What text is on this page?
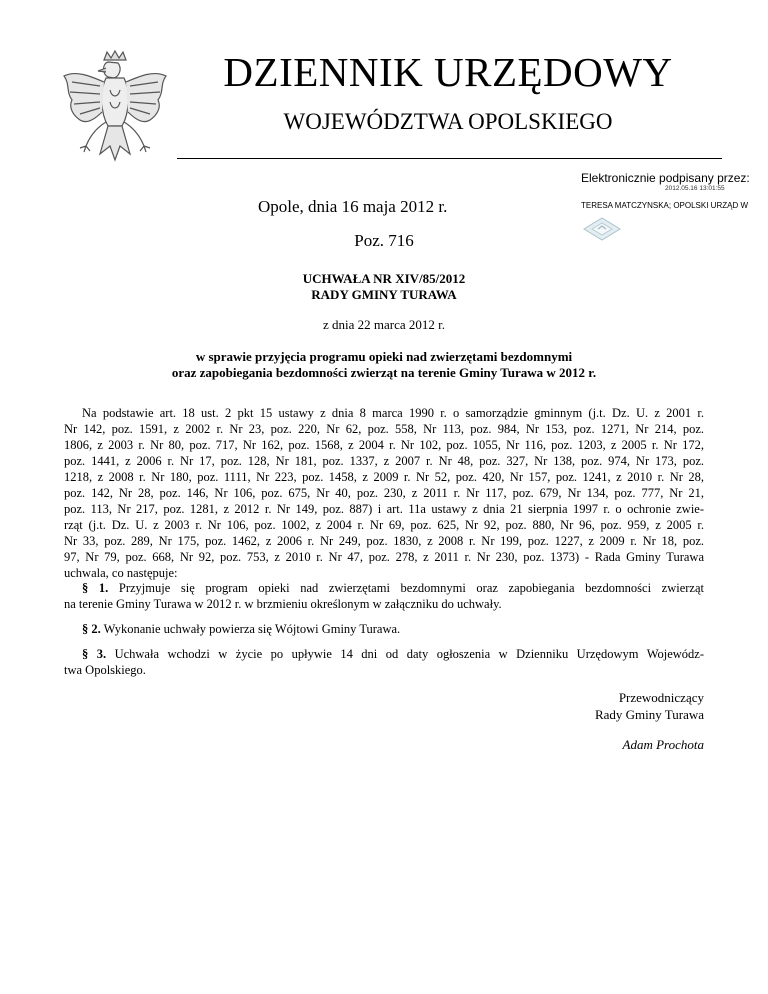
DZIENNIK URZĘDOWY
WOJEWÓDZTWA OPOLSKIEGO
Elektronicznie podpisany przez:
2012.05.16 13:01:55
TERESA MATCZYŃSKA; OPOLSKI URZĄD W
Opole, dnia 16 maja 2012 r.
Poz. 716
UCHWAŁA NR XIV/85/2012
RADY GMINY TURAWA
z dnia 22 marca 2012 r.
w sprawie przyjęcia programu opieki nad zwierzętami bezdomnymi
oraz zapobiegania bezdomności zwierząt na terenie Gminy Turawa w 2012 r.
Na podstawie art. 18 ust. 2 pkt 15 ustawy z dnia 8 marca 1990 r. o samorządzie gminnym (j.t. Dz. U. z 2001 r.
Nr 142, poz. 1591, z 2002 r. Nr 23, poz. 220, Nr 62, poz. 558, Nr 113, poz. 984, Nr 153, poz. 1271, Nr 214, poz.
1806, z 2003 r. Nr 80, poz. 717, Nr 162, poz. 1568, z 2004 r. Nr 102, poz. 1055, Nr 116, poz. 1203, z 2005 r. Nr 172,
poz. 1441, z 2006 r. Nr 17, poz. 128, Nr 181, poz. 1337, z 2007 r. Nr 48, poz. 327, Nr 138, poz. 974, Nr 173, poz.
1218, z 2008 r. Nr 180, poz. 1111, Nr 223, poz. 1458, z 2009 r. Nr 52, poz. 420, Nr 157, poz. 1241, z 2010 r. Nr 28,
poz. 142, Nr 28, poz. 146, Nr 106, poz. 675, Nr 40, poz. 230, z 2011 r. Nr 117, poz. 679, Nr 134, poz. 777, Nr 21,
poz. 113, Nr 217, poz. 1281, z 2012 r. Nr 149, poz. 887) i art. 11a ustawy z dnia 21 sierpnia 1997 r. o ochronie zwie-
rząt (j.t. Dz. U. z 2003 r. Nr 106, poz. 1002, z 2004 r. Nr 69, poz. 625, Nr 92, poz. 880, Nr 96, poz. 959, z 2005 r.
Nr 33, poz. 289, Nr 175, poz. 1462, z 2006 r. Nr 249, poz. 1830, z 2008 r. Nr 199, poz. 1227, z 2009 r. Nr 18, poz.
97, Nr 79, poz. 668, Nr 92, poz. 753, z 2010 r. Nr 47, poz. 278, z 2011 r. Nr 230, poz. 1373) - Rada Gminy Turawa
uchwala, co następuje:
§ 1. Przyjmuje się program opieki nad zwierzętami bezdomnymi oraz zapobiegania bezdomności zwierząt
na terenie Gminy Turawa w 2012 r. w brzmieniu określonym w załączniku do uchwały.
§ 2. Wykonanie uchwały powierza się Wójtowi Gminy Turawa.
§ 3. Uchwała wchodzi w życie po upływie 14 dni od daty ogłoszenia w Dzienniku Urzędowym Wojewódz-
twa Opolskiego.
Przewodniczący
Rady Gminy Turawa
Adam Prochota
